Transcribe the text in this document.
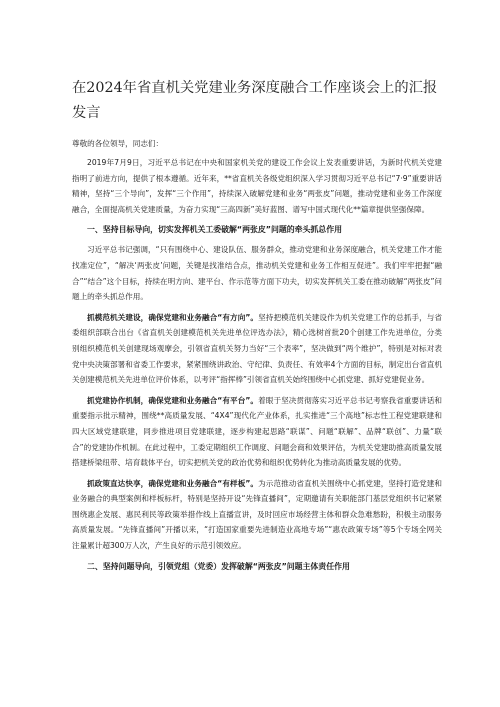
在2024年省直机关党建业务深度融合工作座谈会上的汇报发言

尊敬的各位领导，同志们：

2019年7月9日，习近平总书记在中央和国家机关党的建设工作会议上发表重要讲话，为新时代机关党建指明了前进方向，提供了根本遵循。近年来，**省直机关各级党组织深入学习贯彻习近平总书记“7·9”重要讲话精神，坚持“三个导向”，发挥“三个作用”，持续深入破解党建和业务“两张皮”问题，推动党建和业务工作深度融合，全面提高机关党建质量，为奋力实现“三高四新”美好蓝图、谱写中国式现代化**篇章提供坚强保障。

一、坚持目标导向，切实发挥机关工委破解“两张皮”问题的牵头抓总作用

习近平总书记强调，“只有围绕中心、建设队伍、服务群众，推动党建和业务深度融合，机关党建工作才能找准定位”，“解决‘两张皮’问题，关键是找准结合点，推动机关党建和业务工作相互促进”。我们牢牢把握“融合”“结合”这个目标，持续在明方向、建平台、作示范等方面下功夫，切实发挥机关工委在推动破解“两张皮”问题上的牵头抓总作用。

抓模范机关建设，确保党建和业务融合“有方向”。坚持把模范机关建设作为机关党建工作的总抓手，与省委组织部联合出台《省直机关创建模范机关先进单位评选办法》，精心选树首批20个创建工作先进单位，分类别组织模范机关创建现场观摩会，引领省直机关努力当好“三个表率”，坚决做到“两个维护”，特别是对标对表党中央决策部署和省委工作要求，紧紧围绕讲政治、守纪律、负责任、有效率4个方面的目标，制定出台省直机关创建模范机关先进单位评价体系，以考评“指挥棒”引领省直机关始终围绕中心抓党建、抓好党建促业务。

抓党建协作机制，确保党建和业务融合“有平台”。着眼于坚决贯彻落实习近平总书记考察我省重要讲话和重要指示批示精神，围绕**高质量发展、“4X4”现代化产业体系，扎实推进“三个高地”标志性工程党建联建和四大区域党建联建，同步推进项目党建联建，逐步构建起思路“联谋”、问题“联解”、品牌“联创”、力量“联合”的党建协作机制。在此过程中，工委定期组织工作调度、问题会商和效果评估，为机关党建助推高质量发展搭建桥梁纽带、培育载体平台，切实把机关党的政治优势和组织优势转化为推动高质量发展的优势。

抓政策直达快享，确保党建和业务融合“有样板”。为示范推动省直机关围绕中心抓党建，坚持打造党建和业务融合的典型案例和样板标杆，特别是坚持开设“先锋直播间”，定期邀请有关职能部门基层党组织书记紧紧围绕惠企发展、惠民利民等政策举措作线上直播宣讲，及时回应市场经营主体和群众急难愁盼，积极主动服务高质量发展。“先锋直播间”开播以来，“打造国家重要先进制造业高地专场”“惠农政策专场”等5个专场全网关注量累计超300万人次，产生良好的示范引领效应。

二、坚持问题导向，引领党组（党委）发挥破解“两张皮”问题主体责任作用
